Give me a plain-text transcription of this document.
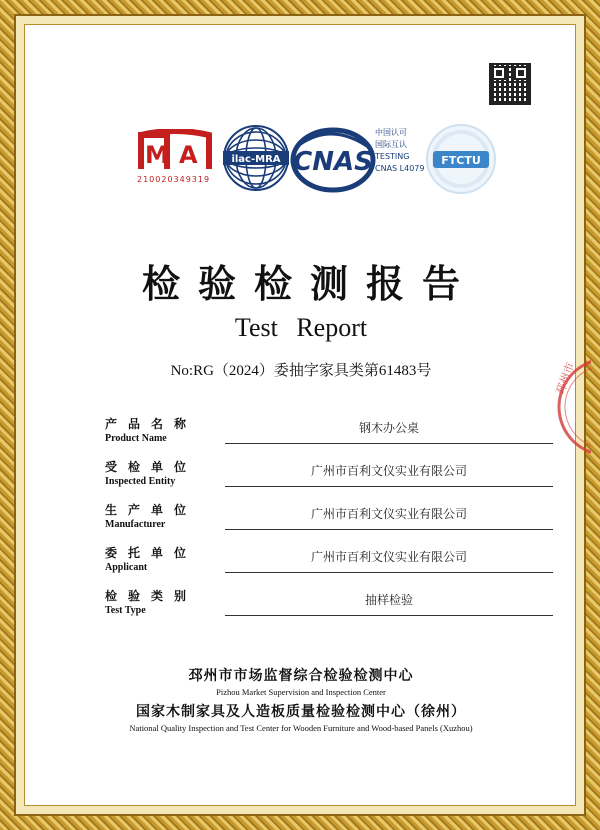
M A
210020349319
ilac-MRA CNAS
中国认可
国际互认
TESTING
CNAS L4079
FTCTU
检验检测报告
Test Report
No:RG（2024）委抽字家具类第61483号	邳州市
产品名称
Product Name
钢木办公桌
受检单位
Inspected Entity
广州市百利文仪实业有限公司
生产单位
Manufacturer
广州市百利文仪实业有限公司
委托单位
Applicant
广州市百利文仪实业有限公司
检验类别
Test Type
抽样检验
邳州市市场监督综合检验检测中心
Pizhou Market Supervision and Inspection Center
国家木制家具及人造板质量检验检测中心（徐州）
National Quality Inspection and Test Center for Wooden Furniture and Wood-based Panels (Xuzhou)
